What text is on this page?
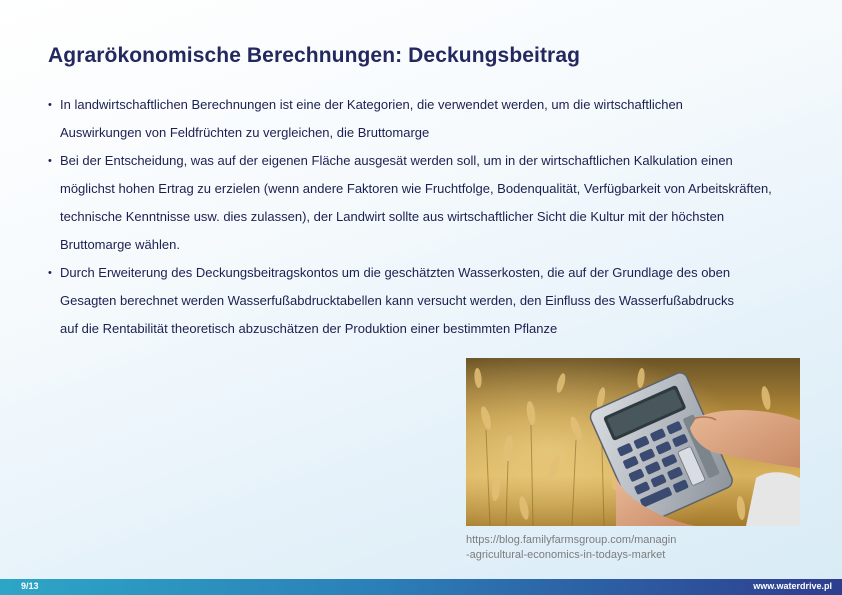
Agrarökonomische Berechnungen: Deckungsbeitrag
• In landwirtschaftlichen Berechnungen ist eine der Kategorien, die verwendet werden, um die wirtschaftlichen
Auswirkungen von Feldfrüchten zu vergleichen, die Bruttomarge
• Bei der Entscheidung, was auf der eigenen Fläche ausgesät werden soll, um in der wirtschaftlichen Kalkulation einen
möglichst hohen Ertrag zu erzielen (wenn andere Faktoren wie Fruchtfolge, Bodenqualität, Verfügbarkeit von Arbeitskräften,
technische Kenntnisse usw. dies zulassen), der Landwirt sollte aus wirtschaftlicher Sicht die Kultur mit der höchsten
Bruttomarge wählen.
• Durch Erweiterung des Deckungsbeitragskontos um die geschätzten Wasserkosten, die auf der Grundlage des oben
Gesagten berechnet werden Wasserfußabdrucktabellen kann versucht werden, den Einfluss des Wasserfußabdrucks
auf die Rentabilität theoretisch abzuschätzen der Produktion einer bestimmten Pflanze
https://blog.familyfarmsgroup.com/managin
-agricultural-economics-in-todays-market
9/13	www.waterdrive.pl
